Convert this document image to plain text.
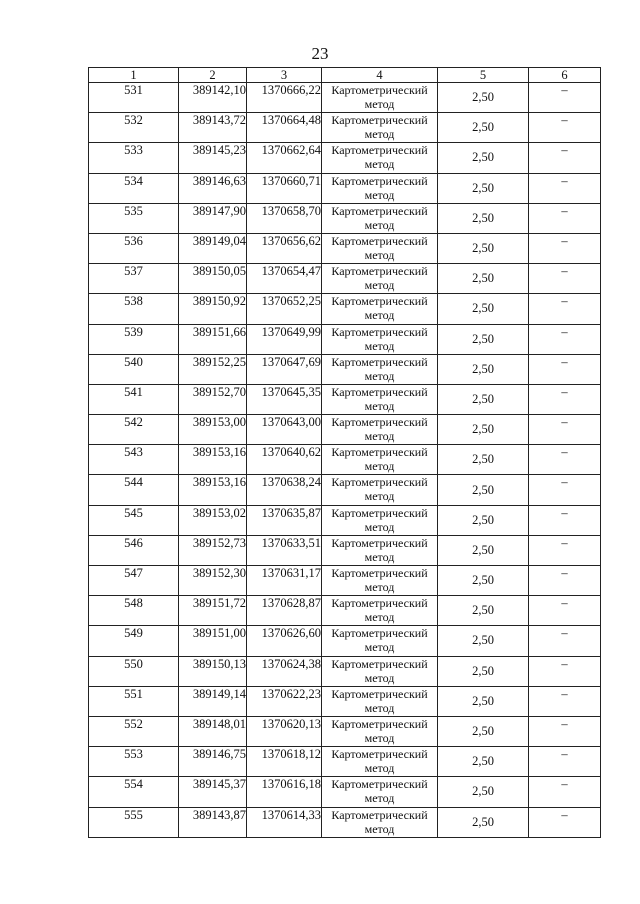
23
1	2	3	4	5	6
531	389142,10	1370666,22	Картометрический метод	2,50	–
532	389143,72	1370664,48	Картометрический метод	2,50	–
533	389145,23	1370662,64	Картометрический метод	2,50	–
534	389146,63	1370660,71	Картометрический метод	2,50	–
535	389147,90	1370658,70	Картометрический метод	2,50	–
536	389149,04	1370656,62	Картометрический метод	2,50	–
537	389150,05	1370654,47	Картометрический метод	2,50	–
538	389150,92	1370652,25	Картометрический метод	2,50	–
539	389151,66	1370649,99	Картометрический метод	2,50	–
540	389152,25	1370647,69	Картометрический метод	2,50	–
541	389152,70	1370645,35	Картометрический метод	2,50	–
542	389153,00	1370643,00	Картометрический метод	2,50	–
543	389153,16	1370640,62	Картометрический метод	2,50	–
544	389153,16	1370638,24	Картометрический метод	2,50	–
545	389153,02	1370635,87	Картометрический метод	2,50	–
546	389152,73	1370633,51	Картометрический метод	2,50	–
547	389152,30	1370631,17	Картометрический метод	2,50	–
548	389151,72	1370628,87	Картометрический метод	2,50	–
549	389151,00	1370626,60	Картометрический метод	2,50	–
550	389150,13	1370624,38	Картометрический метод	2,50	–
551	389149,14	1370622,23	Картометрический метод	2,50	–
552	389148,01	1370620,13	Картометрический метод	2,50	–
553	389146,75	1370618,12	Картометрический метод	2,50	–
554	389145,37	1370616,18	Картометрический метод	2,50	–
555	389143,87	1370614,33	Картометрический метод	2,50	–
